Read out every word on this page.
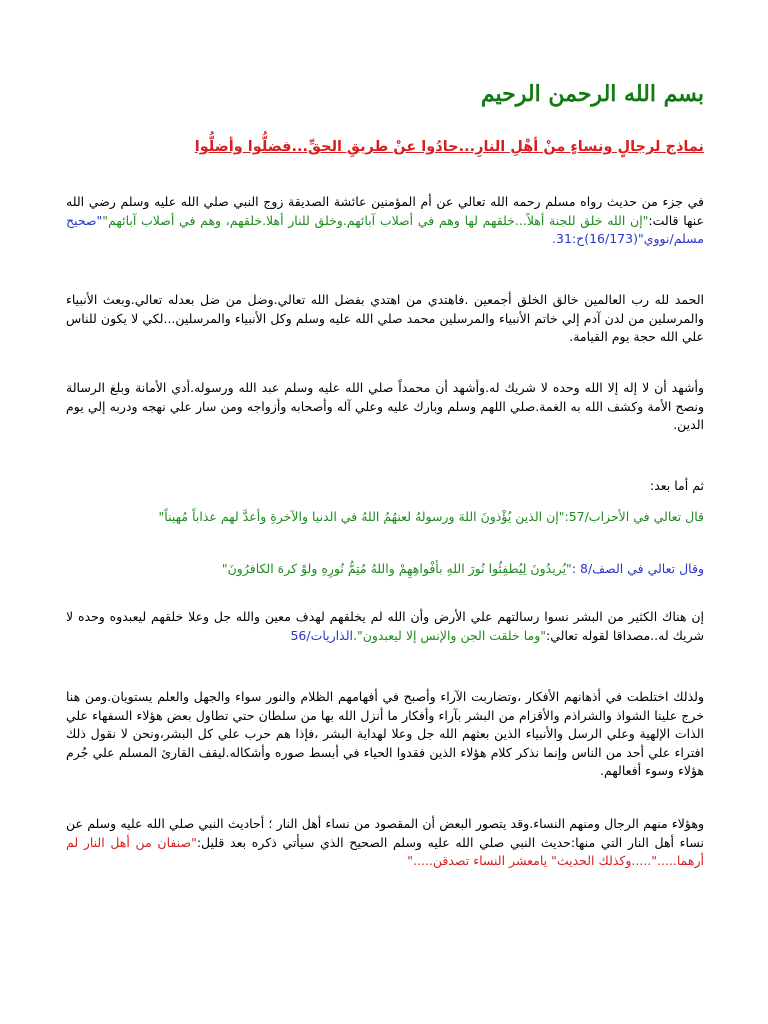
بسم الله الرحمن الرحيم
نماذج لرجالٍ ونساءٍ منْ أهْلِ النارِ...حادُوا عنْ طريقِ الحقِّ...فضلُّوا وأضلُّوا

في جزء من حديث رواه مسلم رحمه الله تعالي عن أم المؤمنين عائشة الصديقة زوج النبي صلي الله عليه وسلم رضي الله عنها قالت:"إن الله خلق للجنة أهلاً...خلقهم لها وهم في أصلاب آبائهم.وخلق للنار أهلا.خلقهم، وهم في أصلاب آبائهم""صحيح مسلم/نووي"(16/173)ح:31.

الحمد لله رب العالمين خالق الخلق أجمعين .فاهتدي من اهتدي بفضل الله تعالي.وضل من ضل بعدله تعالي.وبعث الأنبياء والمرسلين من لدن آدم إلي خاتم الأنبياء والمرسلين محمد صلي الله عليه وسلم وكل الأنبياء والمرسلين...لكي لا يكون للناس علي الله حجة يوم القيامة.

وأشهد أن لا إله إلا الله وحده لا شريك له.وأشهد أن محمداً صلي الله عليه وسلم عبد الله ورسوله.أدي الأمانة وبلغ الرسالة ونصح الأمة وكشف الله به الغمة.صلي اللهم وسلم وبارك عليه وعلي آله وأصحابه وأزواجه ومن سار علي نهجه ودربه إلي يوم الدين.

ثم أما بعد:

قال تعالي في الأحزاب/57:"إن الذين يُؤْذونَ اللهَ ورسولهُ لعنهُمُ اللهُ في الدنيا والآخرةِ وأعدَّ لهم عذاباً مُهيناً"

وقال تعالي في الصف/8 :"يُريدُونَ لِيُطفِئُوا نُورَ اللهِ بأفْواهِهِمْ واللهُ مُتِمُّ نُورِهِ ولوْ كرهَ الكافرُونَ"

إن هناك الكثير من البشر نسوا رسالتهم علي الأرض وأن الله لم يخلقهم لهدف معين والله جل وعلا خلقهم ليعبدوه وحده لا شريك له..مصداقا لقوله تعالي:"وما خلقت الجن والإنس إلا ليعبدون".الذاريات/56

ولذلك اختلطت في أذهانهم الأفكار ،وتضاربت الآراء وأصبح في أفهامهم الظلام والنور سواء والجهل والعلم يستويان.ومن هنا خرج علينا الشواذ والشراذم والأقزام من البشر بآراء وأفكار ما أنزل الله بها من سلطان حتي تطاول بعض هؤلاء السفهاء علي الذات الإلهية وعلي الرسل والأنبياء الذين بعثهم الله جل وعلا لهداية البشر ،فإذا هم حرب علي كل البشر،ونحن لا نقول ذلك افتراء علي أحد من الناس وإنما نذكر كلام هؤلاء الذين فقدوا الحياء في أبسط صوره وأشكاله.ليقف القارئ المسلم علي جُرم هؤلاء وسوء أفعالهم.

وهؤلاء منهم الرجال ومنهم النساء.وقد يتصور البعض أن المقصود من نساء أهل النار ؛ أحاديث النبي صلي الله عليه وسلم عن نساء أهل النار التي منها:حديث النبي صلي الله عليه وسلم الصحيح الذي سيأتي ذكره بعد قليل:"صنفان من أهل النار لم أرهما.....".....وكذلك الحديث" يامعشر النساء تصدقن....."
